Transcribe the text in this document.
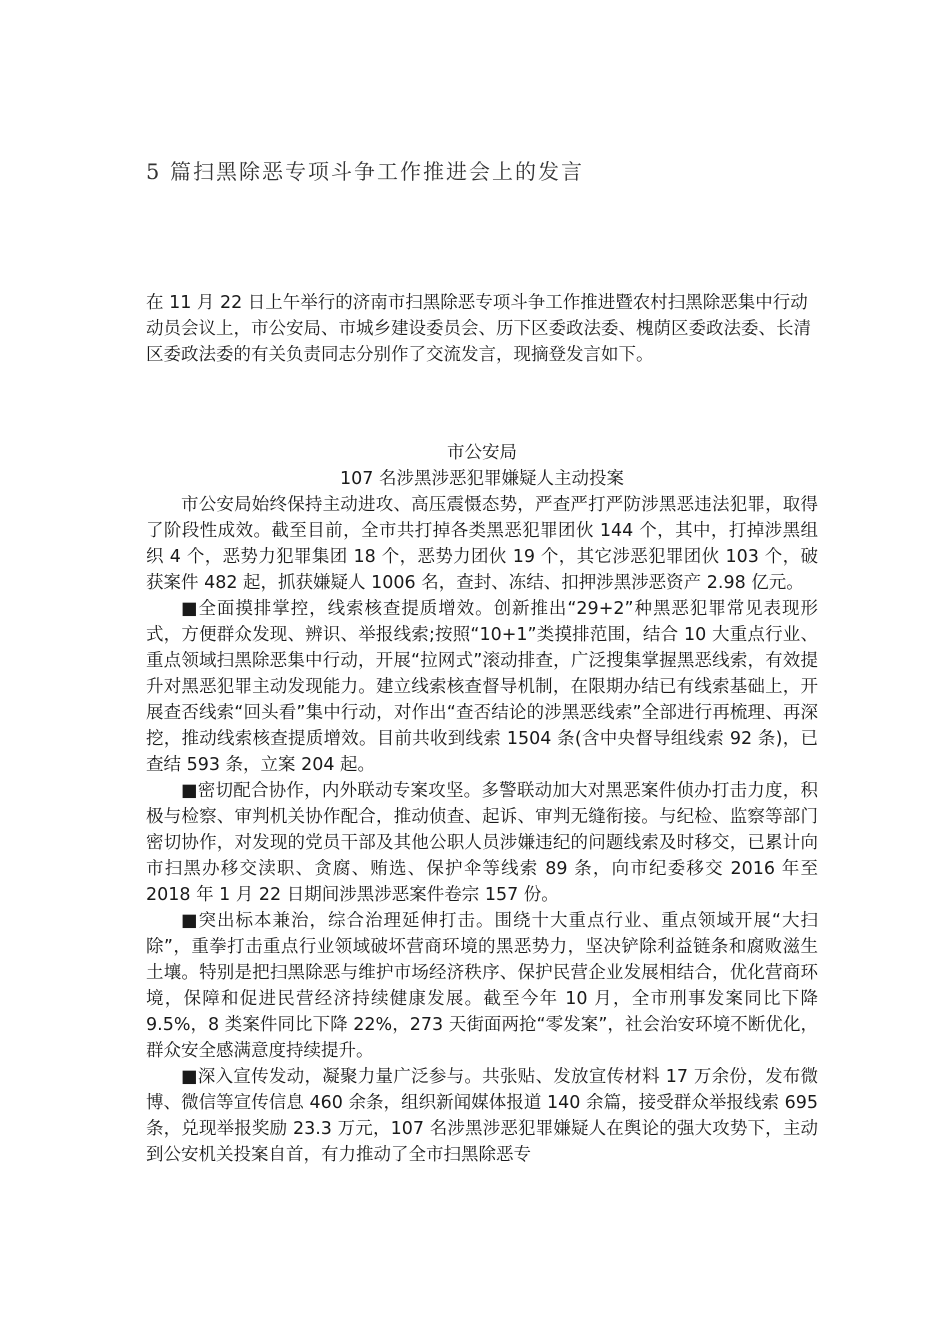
5 篇扫黑除恶专项斗争工作推进会上的发言

在 11 月 22 日上午举行的济南市扫黑除恶专项斗争工作推进暨农村扫黑除恶集中行动动员会议上，市公安局、市城乡建设委员会、历下区委政法委、槐荫区委政法委、长清区委政法委的有关负责同志分别作了交流发言，现摘登发言如下。

市公安局

107 名涉黑涉恶犯罪嫌疑人主动投案

市公安局始终保持主动进攻、高压震慑态势，严查严打严防涉黑恶违法犯罪，取得了阶段性成效。截至目前，全市共打掉各类黑恶犯罪团伙 144 个，其中，打掉涉黑组织 4 个，恶势力犯罪集团 18 个，恶势力团伙 19 个，其它涉恶犯罪团伙 103 个，破获案件 482 起，抓获嫌疑人 1006 名，查封、冻结、扣押涉黑涉恶资产 2.98 亿元。

■全面摸排掌控，线索核查提质增效。创新推出“29+2”种黑恶犯罪常见表现形式，方便群众发现、辨识、举报线索;按照“10+1”类摸排范围，结合 10 大重点行业、重点领域扫黑除恶集中行动，开展“拉网式”滚动排查，广泛搜集掌握黑恶线索，有效提升对黑恶犯罪主动发现能力。建立线索核查督导机制，在限期办结已有线索基础上，开展查否线索“回头看”集中行动，对作出“查否结论的涉黑恶线索”全部进行再梳理、再深挖，推动线索核查提质增效。目前共收到线索 1504 条(含中央督导组线索 92 条)，已查结 593 条，立案 204 起。

■密切配合协作，内外联动专案攻坚。多警联动加大对黑恶案件侦办打击力度，积极与检察、审判机关协作配合，推动侦查、起诉、审判无缝衔接。与纪检、监察等部门密切协作，对发现的党员干部及其他公职人员涉嫌违纪的问题线索及时移交，已累计向市扫黑办移交渎职、贪腐、贿选、保护伞等线索 89 条，向市纪委移交 2016 年至 2018 年 1 月 22 日期间涉黑涉恶案件卷宗 157 份。

■突出标本兼治，综合治理延伸打击。围绕十大重点行业、重点领域开展“大扫除”，重拳打击重点行业领域破坏营商环境的黑恶势力，坚决铲除利益链条和腐败滋生土壤。特别是把扫黑除恶与维护市场经济秩序、保护民营企业发展相结合，优化营商环境，保障和促进民营经济持续健康发展。截至今年 10 月，全市刑事发案同比下降 9.5%，8 类案件同比下降 22%，273 天街面两抢“零发案”，社会治安环境不断优化，群众安全感满意度持续提升。

■深入宣传发动，凝聚力量广泛参与。共张贴、发放宣传材料 17 万余份，发布微博、微信等宣传信息 460 余条，组织新闻媒体报道 140 余篇，接受群众举报线索 695 条，兑现举报奖励 23.3 万元，107 名涉黑涉恶犯罪嫌疑人在舆论的强大攻势下，主动到公安机关投案自首，有力推动了全市扫黑除恶专
